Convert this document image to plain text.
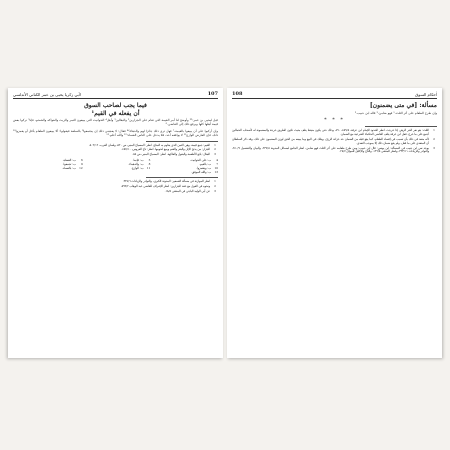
107
لأبي زكريا يحيى بن عمر الكناني الأندلسي
فيما يجب لصاحب السوق
أن يفعله في القيم¹

قيل ليحيى بن عمر:²³ وأوضح لنا أمر القيمة التي تقام على الجزارين² والبقالين³ وأهل⁴ الحوانيت التي يبيعون التمر والزيت والفواكه والشحم، فإنا⁵ نركوا بعض قيمة أهلها كلها ويرفع ذلك إلى القاضي.⁶

وإن أركبوا على أن يبيعوا بالقيمة،⁷ فهل ترى ذلك جائزا لهم والدهاء؟⁸ فقال: لا يعجبني ذلك إن يجتمعوا⁹ بالسلعة فيقولوا: ألا يبيعون الطعام بأقل أو يغمزوا¹⁰ ذلك، فإن العارض الوازع¹¹ لا يوافقه أحد، فلا يدخل على الناس الفساد؛¹² والله أعلم.¹³

1
القيم: جمع قيمة، وهي الثمن الذي يقاوم به المتاع. انظر: المصباح المنير، ص ٥٢٠، ولسان العرب، ٥٠٢/١٢.
2
الجزار: من يذبح الإبل والبقر والغنم ويبيع لحومها. انظر: تاج العروس، ٤٥٧/١٠.
3
البقال: بائع الأطعمة والبقول والفاكهة. انظر: المصباح المنير، ص ٥٨.
4
ب: على الحوانيت.
5
ب: فإنما.
6
ب: القضاة.
7
ب: بالقيم.
8
ب: والدهماء.
9
ب: تجمعوا.
10
ب: ويتغمزوا.
11
ب: الوازع.
12
ب: بالفساد.
13
ب: والله الموفق.
1
انظر الموازنة في مسألة التسعير: المدونة الكبرى، والنوادر والزيادات ٣٣٤/٦.
2
ونحوه في القول مع عقد الجزارين: انظر الإشراف للقاضي عبد الوهاب ٥٩٩/٢.
3
عن أبي الوليد الباجي في المنتقى ١٨/٥.
أحكام السوق
108
مسألة: [في متى يضمنون]

وإن طرح الطعام على أثر الثلث،¹ فهو ضامن،² قاله ابن حبيب.³

* * *
1
الثلث: هو نفر الحر الرهي إذا خرجت. انظر الحدود للإمام ابن عرفة، ٤٥٩/٨، ٤٩٠، وذلك حتى يكون متيقنا يتلف بحيث تكون الطريق خرجة والمضمونة له لأصحاب الحمالين أجمع على ما خرج، فعل ابن عرفة يتلف القاضي الحكماء الشرعية مع الضمان.
2
لأنه متعد في ذلك بأن تسبب في إفساد الطعام، كما يقع قبله من الضمان حد خزانة الرزق. ويتلك في البيع وما يبيعه من الحق لوزن المضمون على ذلك، وقد ذكر السلطان أن المتعدي على ما فعل، ولم يقع ضمان ذلك إلا بموجب التعدي.
3
يوجد نص ابن حبيب في المسألة: ابن يونس: قال ابن حبيب: ومن طرح طعامه على أثر الثلث فهو ضامن، انظر الجامع لمسائل المدونة ٢٣٧/٨، والبيان والتحصيل ٢٤٠/٩، والنوادر والزيادات ٣٣٣/١١، وانظر المنتقى ١٣٦/٥، والتاج والإكليل للمواق ٢٨/٧.
